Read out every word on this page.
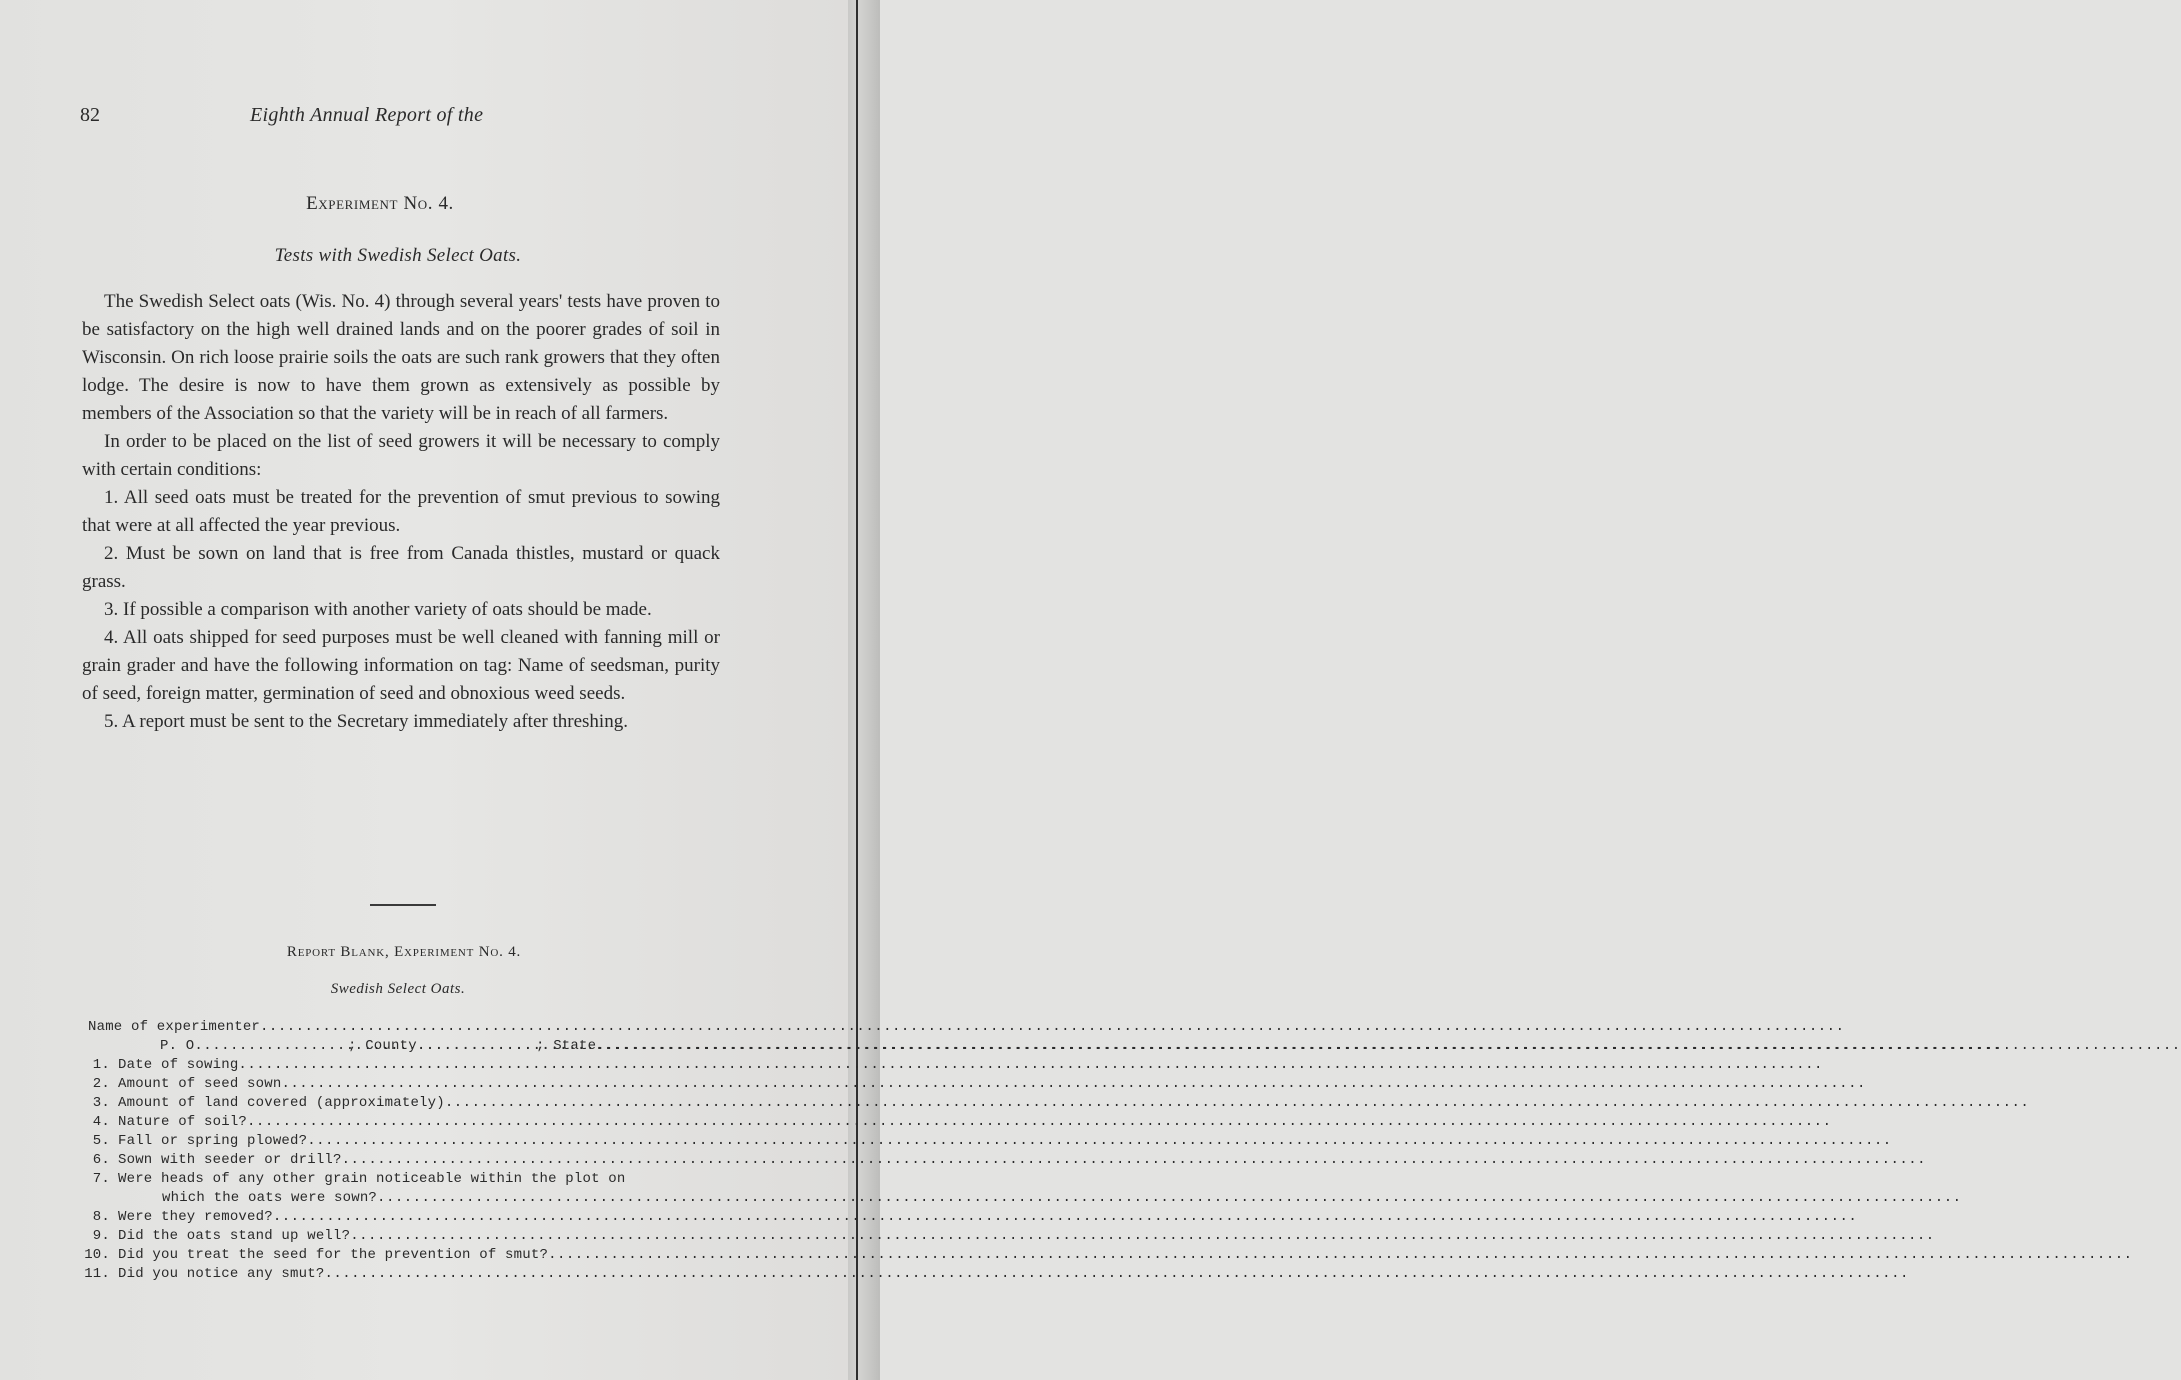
82	Eighth Annual Report of the
Experiment No. 4.
Tests with Swedish Select Oats.

The Swedish Select oats (Wis. No. 4) through several years' tests have proven to be satisfactory on the high well drained lands and on the poorer grades of soil in Wisconsin. On rich loose prairie soils the oats are such rank growers that they often lodge. The desire is now to have them grown as extensively as possible by members of the Association so that the variety will be in reach of all farmers.

In order to be placed on the list of seed growers it will be necessary to comply with certain conditions:

1. All seed oats must be treated for the prevention of smut previous to sowing that were at all affected the year previous.

2. Must be sown on land that is free from Canada thistles, mustard or quack grass.

3. If possible a comparison with another variety of oats should be made.

4. All oats shipped for seed purposes must be well cleaned with fanning mill or grain grader and have the following information on tag: Name of seedsman, purity of seed, foreign matter, germination of seed and obnoxious weed seeds.

5. A report must be sent to the Secretary immediately after threshing.

Report Blank, Experiment No. 4.
Swedish Select Oats.
Name of experimenter
.....
P. O .....	; County .....	; State
.....
1. Date of sowing
.....
2. Amount of seed sown
.....
3. Amount of land covered (approximately)
.....
4. Nature of soil?
.....
5. Fall or spring plowed?
.....
6. Sown with seeder or drill?
.....
7. Were heads of any other grain noticeable within the plot on
which the oats were sown?
.....
8. Were they removed?
.....
9. Did the oats stand up well?
.....
10. Did you treat the seed for the prevention of smut?
.....
11. Did you notice any smut?
.....
